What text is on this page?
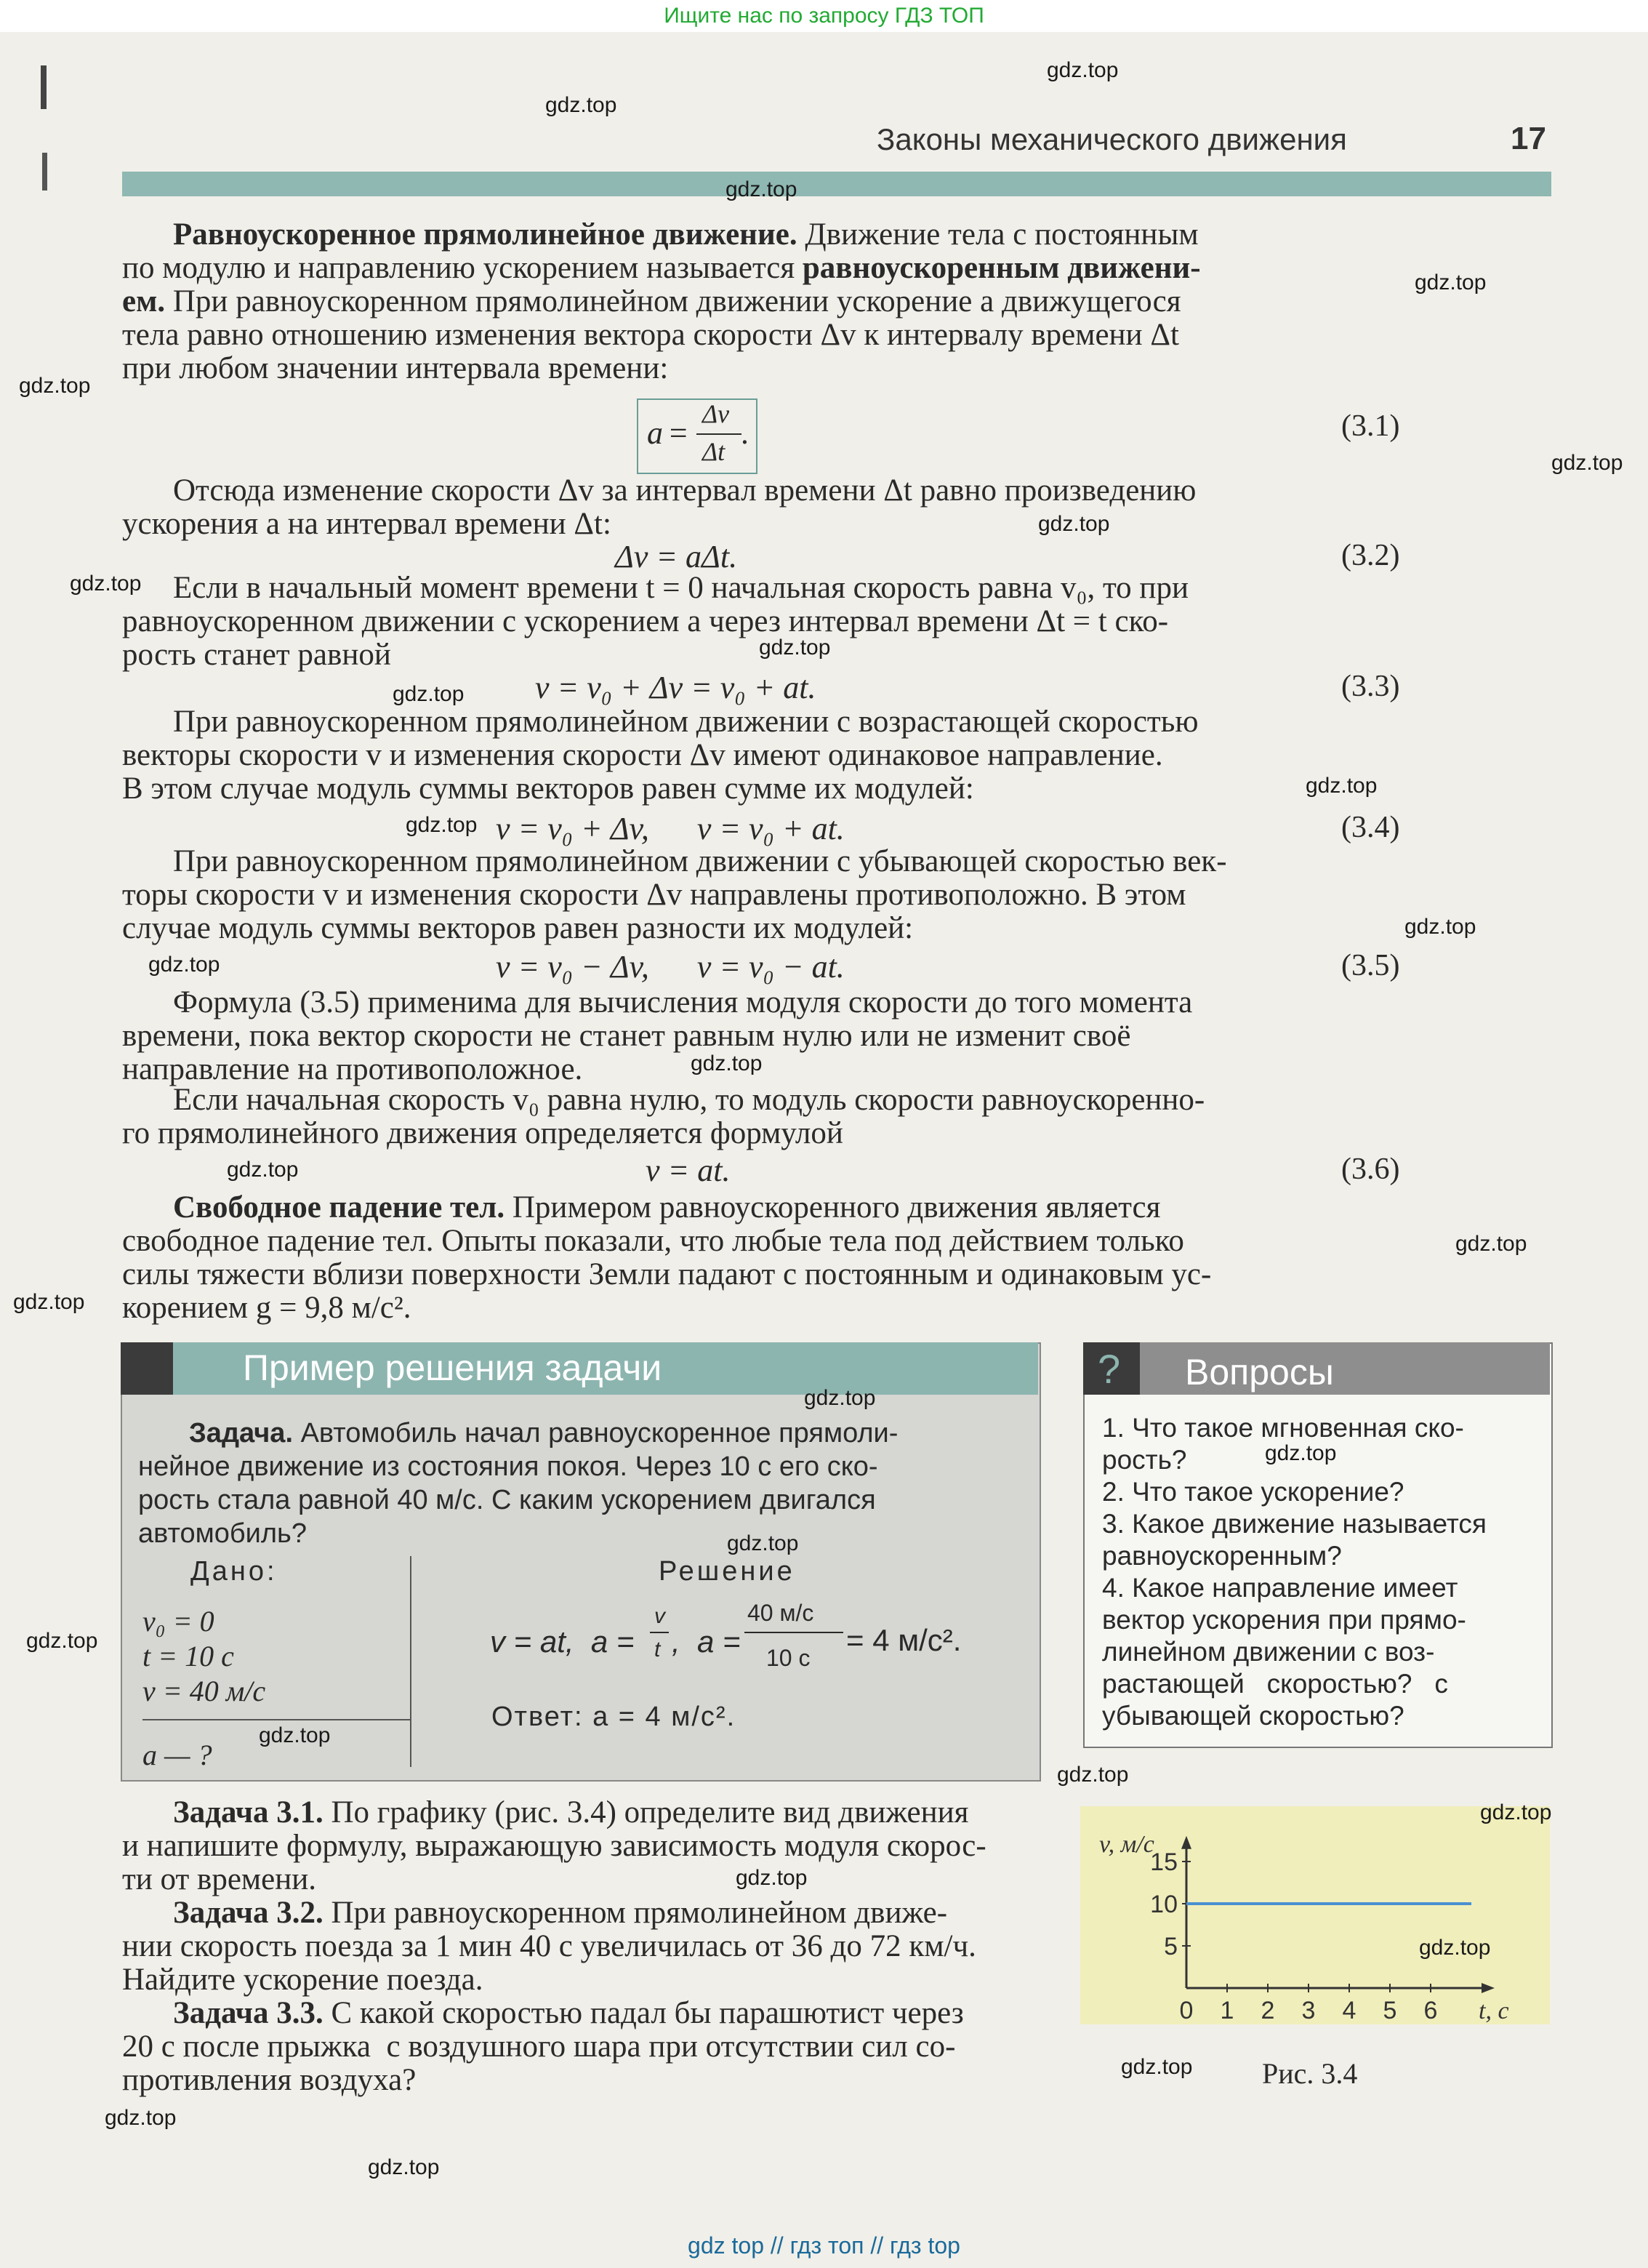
Ищите нас по запросу ГДЗ ТОП
Законы механического движения	17
Равноускоренное прямолинейное движение. Движение тела с постоянным
по модулю и направлению ускорением называется равноускоренным движени-
ем. При равноускоренном прямолинейном движении ускорение a движущегося
тела равно отношению изменения вектора скорости Δv к интервалу времени Δt
при любом значении интервала времени:
a =
Δv
Δt
.	(3.1)
Отсюда изменение скорости Δv за интервал времени Δt равно произведению
ускорения a на интервал времени Δt:
Δv = aΔt.	(3.2)
Если в начальный момент времени t = 0 начальная скорость равна v₀, то при
равноускоренном движении с ускорением a через интервал времени Δt = t ско-
рость станет равной
v = v₀ + Δv = v₀ + at.	(3.3)
При равноускоренном прямолинейном движении с возрастающей скоростью
векторы скорости v и изменения скорости Δv имеют одинаковое направление.
В этом случае модуль суммы векторов равен сумме их модулей:
v = v₀ + Δv,      v = v₀ + at.	(3.4)
При равноускоренном прямолинейном движении с убывающей скоростью век-
торы скорости v и изменения скорости Δv направлены противоположно. В этом
случае модуль суммы векторов равен разности их модулей:
v = v₀ − Δv,      v = v₀ − at.	(3.5)
Формула (3.5) применима для вычисления модуля скорости до того момента
времени, пока вектор скорости не станет равным нулю или не изменит своё
направление на противоположное.
Если начальная скорость v₀ равна нулю, то модуль скорости равноускоренно-
го прямолинейного движения определяется формулой
v = at.	(3.6)
Свободное падение тел. Примером равноускоренного движения является
свободное падение тел. Опыты показали, что любые тела под действием только
силы тяжести вблизи поверхности Земли падают с постоянным и одинаковым ус-
корением g = 9,8 м/с².
Пример решения задачи
Задача. Автомобиль начал равноускоренное прямоли-
нейное движение из состояния покоя. Через 10 с его ско-
рость стала равной 40 м/с. С каким ускорением двигался
автомобиль?
Дано:
v₀ = 0
t = 10 с
v = 40 м/с
a — ?
Решение
v = at,  a =
v
t ,  a =
40 м/с
10 с
= 4 м/с².
Ответ: a = 4 м/с².
? Вопросы
1. Что такое мгновенная ско-
рость?
2. Что такое ускорение?
3. Какое движение называется
равноускоренным?
4. Какое направление имеет
вектор ускорения при прямо-
линейном движении с воз-
растающей   скоростью?   с
убывающей скоростью?
Задача 3.1. По графику (рис. 3.4) определите вид движения
и напишите формулу, выражающую зависимость модуля скорос-
ти от времени.
Задача 3.2. При равноускоренном прямолинейном движе-
нии скорость поезда за 1 мин 40 с увеличилась от 36 до 72 км/ч.
Найдите ускорение поезда.
Задача 3.3. С какой скоростью падал бы парашютист через
20 с после прыжка  с воздушного шара при отсутствии сил со-
противления воздуха?
0 1 2 3 4 5 6
5
10
15
v, м/с
t, с
Рис. 3.4
gdz.top
gdz.top
gdz.top
gdz.top
gdz.top
gdz.top
gdz.top
gdz.top
gdz.top
gdz.top
gdz.top
gdz.top
gdz.top
gdz.top
gdz.top
gdz.top
gdz.top
gdz.top
gdz.top
gdz.top
gdz.top
gdz.top
gdz.top
gdz.top
gdz.top
gdz.top
gdz.top
gdz.top
gdz.top
gdz.top
gdz top // гдз топ // гдз top
